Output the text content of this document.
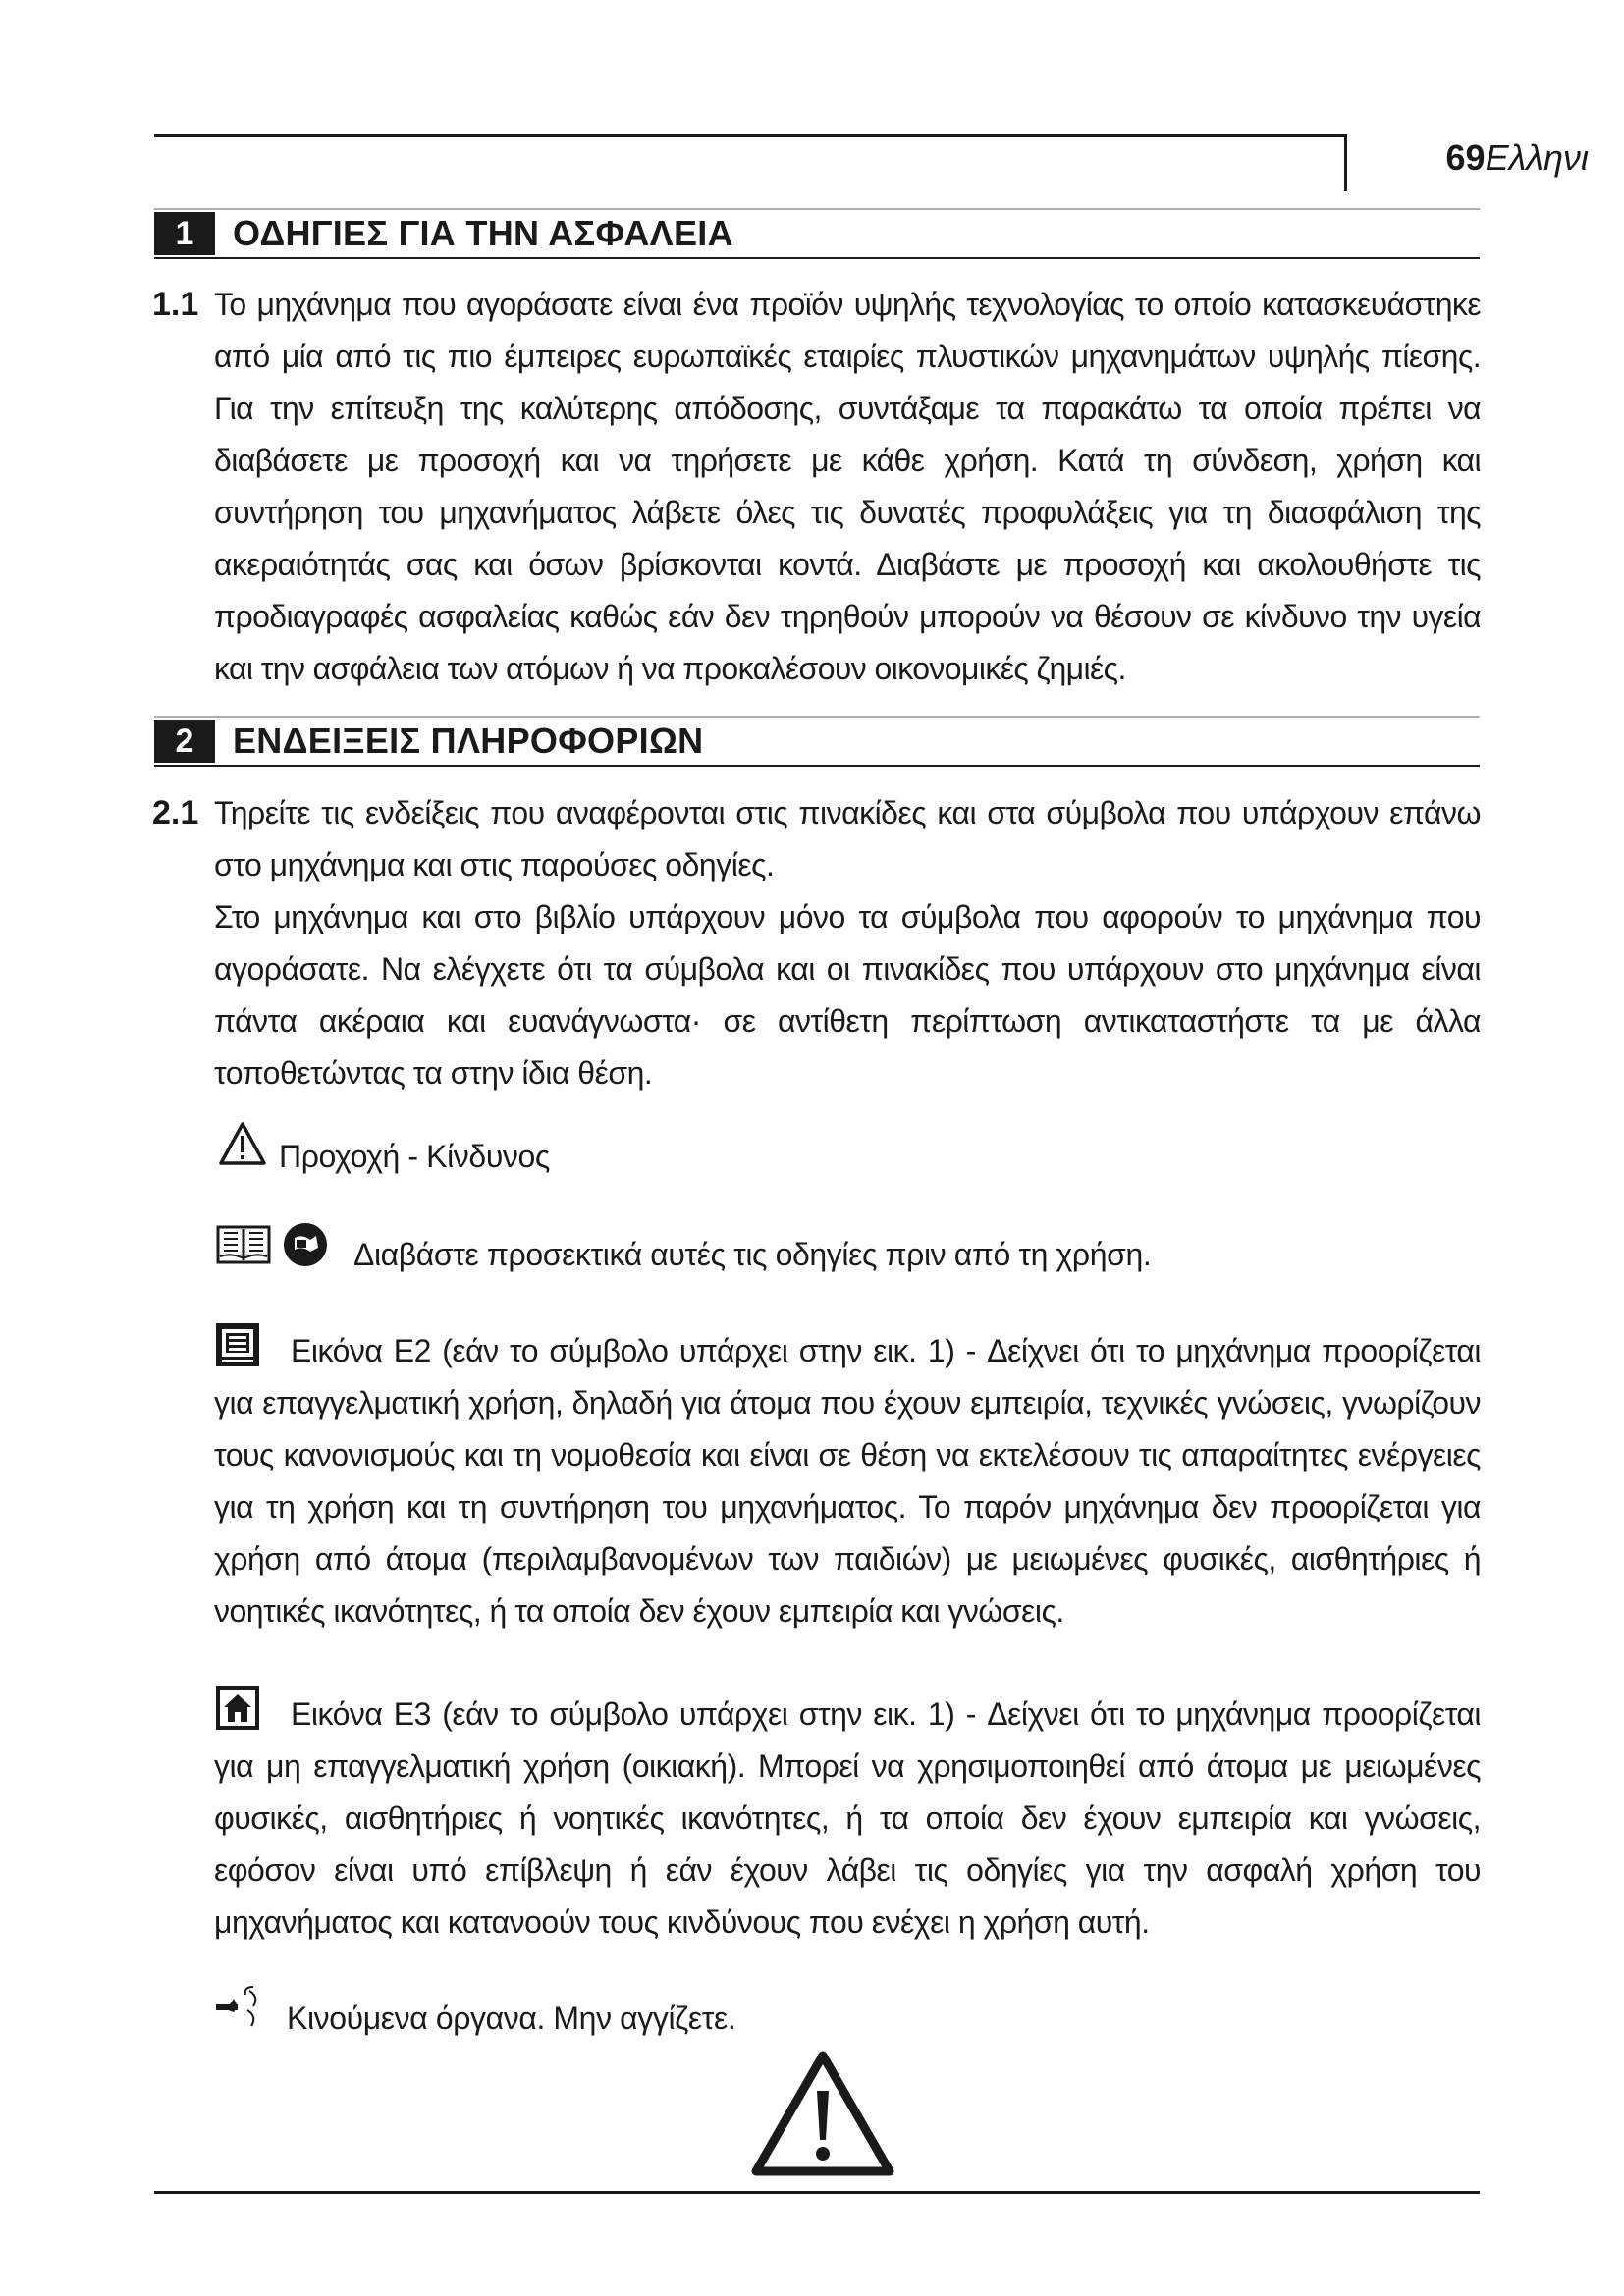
69Ελληνι
1	ΟΔΗΓΙΕΣ ΓΙΑ ΤΗΝ ΑΣΦΑΛΕΙΑ
1.1 Το μηχάνημα που αγοράσατε είναι ένα προϊόν υψηλής τεχνολογίας το οποίο κατασκευάστηκε από μία από τις πιο έμπειρες ευρωπαϊκές εταιρίες πλυστικών μηχανημάτων υψηλής πίεσης. Για την επίτευξη της καλύτερης απόδοσης, συντάξαμε τα παρακάτω τα οποία πρέπει να διαβάσετε με προσοχή και να τηρήσετε με κάθε χρήση. Κατά τη σύνδεση, χρήση και συντήρηση του μηχανήματος λάβετε όλες τις δυνατές προφυλάξεις για τη διασφάλιση της ακεραιότητάς σας και όσων βρίσκονται κοντά. Διαβάστε με προσοχή και ακολουθήστε τις προδιαγραφές ασφαλείας καθώς εάν δεν τηρηθούν μπορούν να θέσουν σε κίνδυνο την υγεία και την ασφάλεια των ατόμων ή να προκαλέσουν οικονομικές ζημιές.

2	ΕΝΔΕΙΞΕΙΣ ΠΛΗΡΟΦΟΡΙΩΝ
2.1 Τηρείτε τις ενδείξεις που αναφέρονται στις πινακίδες και στα σύμβολα που υπάρχουν επάνω στο μηχάνημα και στις παρούσες οδηγίες.

Στο μηχάνημα και στο βιβλίο υπάρχουν μόνο τα σύμβολα που αφορούν το μηχάνημα που αγοράσατε. Να ελέγχετε ότι τα σύμβολα και οι πινακίδες που υπάρχουν στο μηχάνημα είναι πάντα ακέραια και ευανάγνωστα· σε αντίθετη περίπτωση αντικαταστήστε τα με άλλα τοποθετώντας τα στην ίδια θέση.

Προχοχή - Κίνδυνος
Διαβάστε προσεκτικά αυτές τις οδηγίες πριν από τη χρήση.

Εικόνα E2 (εάν το σύμβολο υπάρχει στην εικ. 1) - Δείχνει ότι το μηχάνημα προορίζεται για επαγγελματική χρήση, δηλαδή για άτομα που έχουν εμπειρία, τεχνικές γνώσεις, γνωρίζουν τους κανονισμούς και τη νομοθεσία και είναι σε θέση να εκτελέσουν τις απαραίτητες ενέργειες για τη χρήση και τη συντήρηση του μηχανήματος. Το παρόν μηχάνημα δεν προορίζεται για χρήση από άτομα (περιλαμβανομένων των παιδιών) με μειωμένες φυσικές, αισθητήριες ή νοητικές ικανότητες, ή τα οποία δεν έχουν εμπειρία και γνώσεις.

Εικόνα E3 (εάν το σύμβολο υπάρχει στην εικ. 1) - Δείχνει ότι το μηχάνημα προορίζεται για μη επαγγελματική χρήση (οικιακή). Μπορεί να χρησιμοποιηθεί από άτομα με μειωμένες φυσικές, αισθητήριες ή νοητικές ικανότητες, ή τα οποία δεν έχουν εμπειρία και γνώσεις, εφόσον είναι υπό επίβλεψη ή εάν έχουν λάβει τις οδηγίες για την ασφαλή χρήση του μηχανήματος και κατανοούν τους κινδύνους που ενέχει η χρήση αυτή.

Κινούμενα όργανα. Μην αγγίζετε.
